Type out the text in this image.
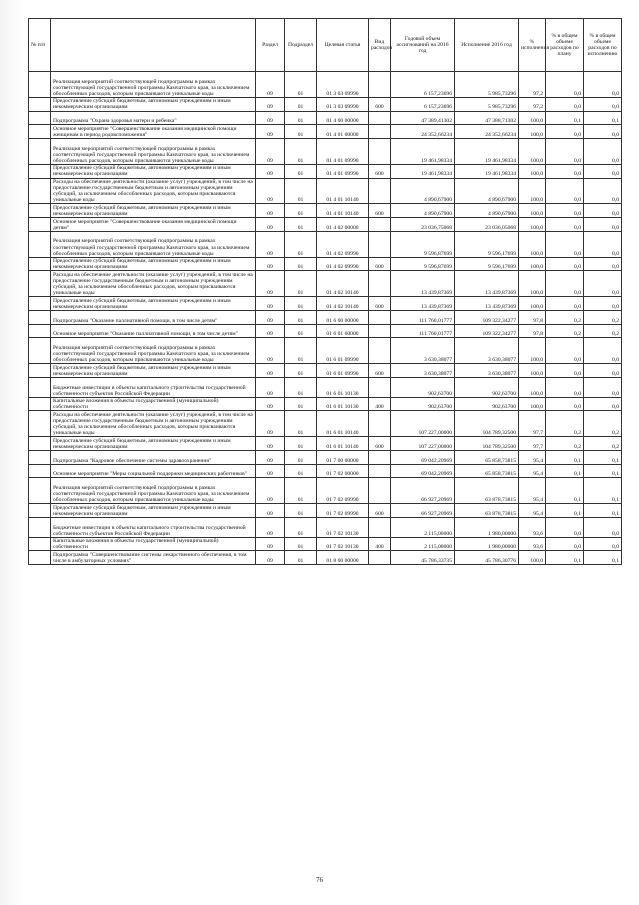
№ п/п		Раздел	Подраздел	Целевая статья	Вид расходов	Годовой объем ассигнований на 2016 год	Исполнение 2016 год	% исполнения	% в общем объеме расходов по плану	% в общем объеме расходов по исполнению
	Реализация мероприятий соответствующей подпрограммы в рамках соответствующей государственной программы Камчатского края, за исключением обособленных расходов, которым присваиваются уникальные коды	09	01	01 3 03 09990		6 157,23696	5 985,73296	97,2	0,0	0,0
	Предоставление субсидий бюджетным, автономным учреждениям и иным некоммерческим организациям	09	01	01 3 03 09990	600	6 157,23696	5 985,73296	97,2	0,0	0,0
	Подпрограмма "Охрана здоровья матери и ребенка"	09	01	01 4 00 00000		47 389,41302	47 388,71302	100,0	0,1	0,1
	Основное мероприятие "Совершенствование оказания медицинской помощи женщинам в период родовспоможения"	09	01	01 4 01 00000		24 352,66234	24 352,66234	100,0	0,0	0,0
	Реализация мероприятий соответствующей подпрограммы в рамках соответствующей государственной программы Камчатского края, за исключением обособленных расходов, которым присваиваются уникальные коды	09	01	01 4 01 09990		19 461,98334	19 461,98334	100,0	0,0	0,0
	Предоставление субсидий бюджетным, автономным учреждениям и иным некоммерческим организациям	09	01	01 4 01 09990	600	19 461,98334	19 461,98334	100,0	0,0	0,0
	Расходы на обеспечение деятельности (оказание услуг) учреждений, в том числе на предоставление государственным бюджетным и автономным учреждениям субсидий, за исключением обособленных расходов, которым присваиваются уникальные коды	09	01	01 4 01 10140		4 890,67900	4 890,67900	100,0	0,0	0,0
	Предоставление субсидий бюджетным, автономным учреждениям и иным некоммерческим организациям	09	01	01 4 01 10140	600	4 890,67900	4 890,67900	100,0	0,0	0,0
	Основное мероприятие "Совершенствование оказания медицинской помощи детям"	09	01	01 4 02 00000		23 036,75068	23 036,05068	100,0	0,0	0,0
	Реализация мероприятий соответствующей подпрограммы в рамках соответствующей государственной программы Камчатского края, за исключением обособленных расходов, которым присваиваются уникальные коды	09	01	01 4 02 09990		9 596,87699	9 596,17699	100,0	0,0	0,0
	Предоставление субсидий бюджетным, автономным учреждениям и иным некоммерческим организациям	09	01	01 4 02 09990	600	9 596,87699	9 596,17699	100,0	0,0	0,0
	Расходы на обеспечение деятельности (оказание услуг) учреждений, в том числе на предоставление государственным бюджетным и автономным учреждениям субсидий, за исключением обособленных расходов, которым присваиваются уникальные коды	09	01	01 4 02 10140		13 439,87369	13 439,87369	100,0	0,0	0,0
	Предоставление субсидий бюджетным, автономным учреждениям и иным некоммерческим организациям	09	01	01 4 02 10140	600	13 439,87369	13 439,87369	100,0	0,0	0,0
	Подпрограмма "Оказание паллиативной помощи, в том числе детям"	09	01	01 6 00 00000		111 760,01777	109 322,34277	97,8	0,2	0,2
	Основное мероприятие "Оказание паллиативной помощи, в том числе детям"	09	01	01 6 01 00000		111 760,01777	109 322,34277	97,8	0,2	0,2
	Реализация мероприятий соответствующей подпрограммы в рамках соответствующей государственной программы Камчатского края, за исключением обособленных расходов, которым присваиваются уникальные коды	09	01	01 6 01 09990		3 630,38077	3 630,38077	100,0	0,0	0,0
	Предоставление субсидий бюджетным, автономным учреждениям и иным некоммерческим организациям	09	01	01 6 01 09990	600	3 630,38077	3 630,38077	100,0	0,0	0,0
	Бюджетные инвестиции в объекты капитального строительства государственной собственности субъектов Российской Федерации	09	01	01 6 01 10130		902,63700	902,63700	100,0	0,0	0,0
	Капитальные вложения в объекты государственной (муниципальной) собственности	09	01	01 6 01 10130	400	902,63700	902,63700	100,0	0,0	0,0
	Расходы на обеспечение деятельности (оказание услуг) учреждений, в том числе на предоставление государственным бюджетным и автономным учреждениям субсидий, за исключением обособленных расходов, которым присваиваются уникальные коды	09	01	01 6 01 10140		107 227,00000	104 789,32500	97,7	0,2	0,2
	Предоставление субсидий бюджетным, автономным учреждениям и иным некоммерческим организациям	09	01	01 6 01 10140	600	107 227,00000	104 789,32500	97,7	0,2	0,2
	Подпрограмма "Кадровое обеспечение системы здравоохранения"	09	01	01 7 00 00000		69 042,20969	65 858,73815	95,4	0,1	0,1
	Основное мероприятие "Меры социальной поддержки медицинских работников"	09	01	01 7 02 00000		69 042,20969	65 858,73815	95,4	0,1	0,1
	Реализация мероприятий соответствующей подпрограммы в рамках соответствующей государственной программы Камчатского края, за исключением обособленных расходов, которым присваиваются уникальные коды	09	01	01 7 02 09990		66 927,20969	63 878,73815	95,4	0,1	0,1
	Предоставление субсидий бюджетным, автономным учреждениям и иным некоммерческим организациям	09	01	01 7 02 09990	600	66 927,20969	63 878,73815	95,4	0,1	0,1
	Бюджетные инвестиции в объекты капитального строительства государственной собственности субъектов Российской Федерации	09	01	01 7 02 10130		2 115,00000	1 980,00000	93,6	0,0	0,0
	Капитальные вложения в объекты государственной (муниципальной) собственности	09	01	01 7 02 10130	400	2 115,00000	1 980,00000	93,6	0,0	0,0
	Подпрограмма "Совершенствование системы лекарственного обеспечения, в том числе в амбулаторных условиях"	09	01	01 8 00 00000		45 786,33735	45 786,30776	100,0	0,1	0,1
76
